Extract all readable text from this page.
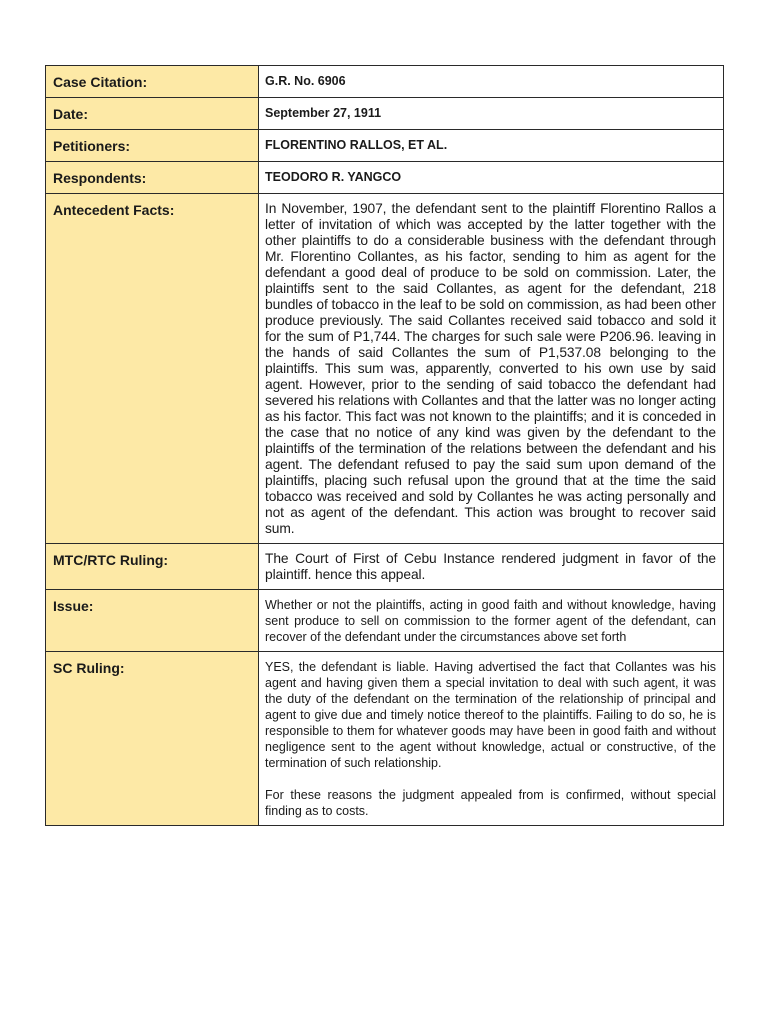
Case Citation:	G.R. No. 6906
Date:	September 27, 1911
Petitioners:	FLORENTINO RALLOS, ET AL.
Respondents:	TEODORO R. YANGCO
Antecedent Facts:	In November, 1907, the defendant sent to the plaintiff Florentino Rallos a letter of invitation of which was accepted by the latter together with the other plaintiffs to do a considerable business with the defendant through Mr. Florentino Collantes, as his factor, sending to him as agent for the defendant a good deal of produce to be sold on commission. Later, the plaintiffs sent to the said Collantes, as agent for the defendant, 218 bundles of tobacco in the leaf to be sold on commission, as had been other produce previously. The said Collantes received said tobacco and sold it for the sum of P1,744. The charges for such sale were P206.96. leaving in the hands of said Collantes the sum of P1,537.08 belonging to the plaintiffs. This sum was, apparently, converted to his own use by said agent. However, prior to the sending of said tobacco the defendant had severed his relations with Collantes and that the latter was no longer acting as his factor. This fact was not known to the plaintiffs; and it is conceded in the case that no notice of any kind was given by the defendant to the plaintiffs of the termination of the relations between the defendant and his agent. The defendant refused to pay the said sum upon demand of the plaintiffs, placing such refusal upon the ground that at the time the said tobacco was received and sold by Collantes he was acting personally and not as agent of the defendant. This action was brought to recover said sum.
MTC/RTC Ruling:	The Court of First of Cebu Instance rendered judgment in favor of the plaintiff. hence this appeal.
Issue:	Whether or not the plaintiffs, acting in good faith and without knowledge, having sent produce to sell on commission to the former agent of the defendant, can recover of the defendant under the circumstances above set forth
SC Ruling:	YES, the defendant is liable. Having advertised the fact that Collantes was his agent and having given them a special invitation to deal with such agent, it was the duty of the defendant on the termination of the relationship of principal and agent to give due and timely notice thereof to the plaintiffs. Failing to do so, he is responsible to them for whatever goods may have been in good faith and without negligence sent to the agent without knowledge, actual or constructive, of the termination of such relationship.

For these reasons the judgment appealed from is confirmed, without special finding as to costs.
